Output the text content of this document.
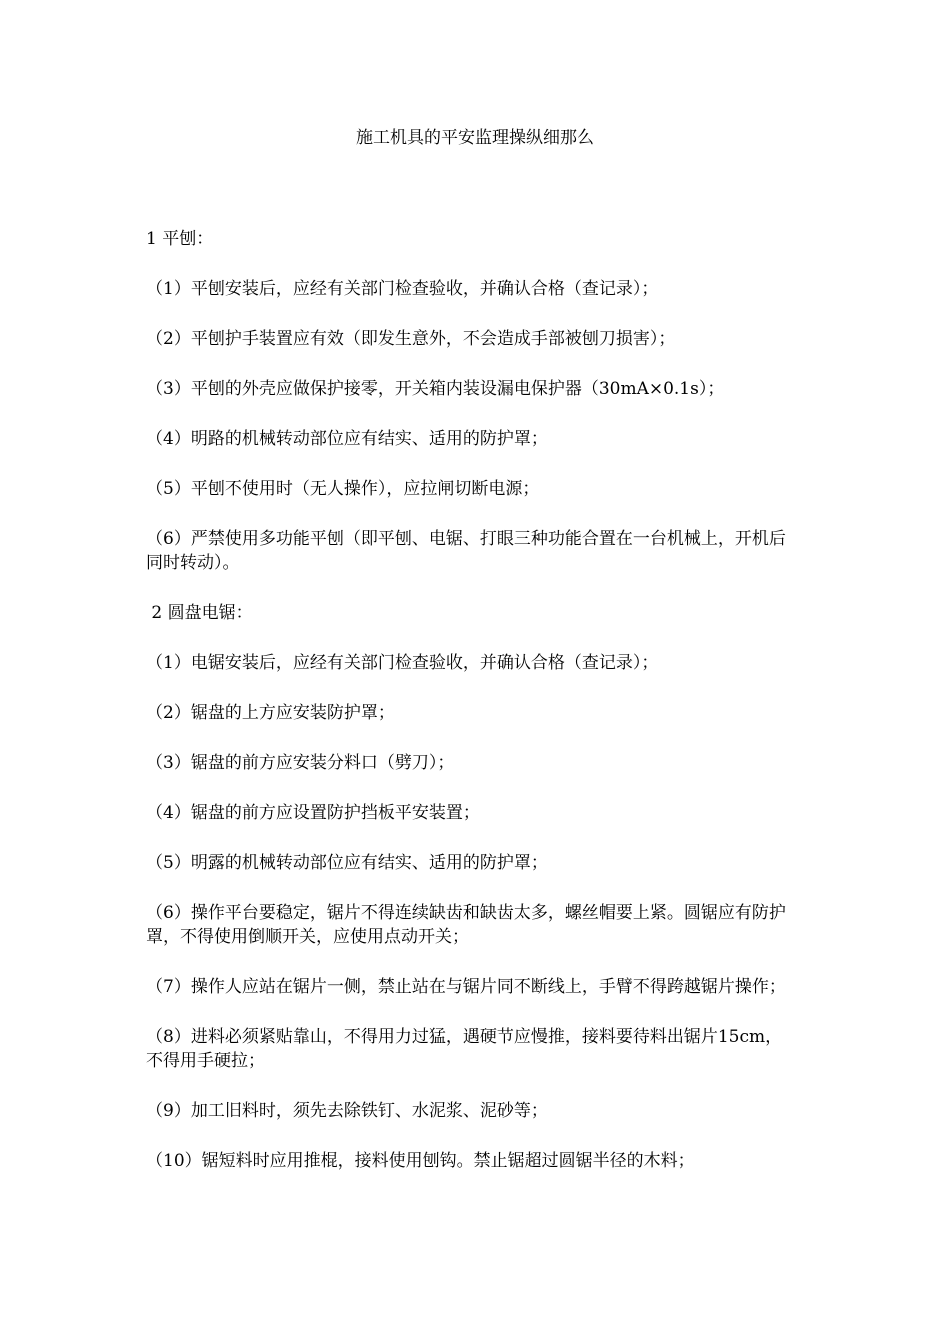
施工机具的平安监理操纵细那么

1 平刨：

（1）平刨安装后，应经有关部门检查验收，并确认合格（查记录）；

（2）平刨护手装置应有效（即发生意外，不会造成手部被刨刀损害）；

（3）平刨的外壳应做保护接零，开关箱内装设漏电保护器（30mA×0.1s）；

（4）明路的机械转动部位应有结实、适用的防护罩；

（5）平刨不使用时（无人操作），应拉闸切断电源；

（6）严禁使用多功能平刨（即平刨、电锯、打眼三种功能合置在一台机械上，开机后同时转动）。

2 圆盘电锯：

（1）电锯安装后，应经有关部门检查验收，并确认合格（查记录）；

（2）锯盘的上方应安装防护罩；

（3）锯盘的前方应安装分料口（劈刀）；

（4）锯盘的前方应设置防护挡板平安装置；

（5）明露的机械转动部位应有结实、适用的防护罩；

（6）操作平台要稳定，锯片不得连续缺齿和缺齿太多，螺丝帽要上紧。圆锯应有防护罩，不得使用倒顺开关，应使用点动开关；

（7）操作人应站在锯片一侧，禁止站在与锯片同不断线上，手臂不得跨越锯片操作；

（8）进料必须紧贴靠山，不得用力过猛，遇硬节应慢推，接料要待料出锯片15cm，不得用手硬拉；

（9）加工旧料时，须先去除铁钉、水泥浆、泥砂等；

（10）锯短料时应用推棍，接料使用刨钩。禁止锯超过圆锯半径的木料；
